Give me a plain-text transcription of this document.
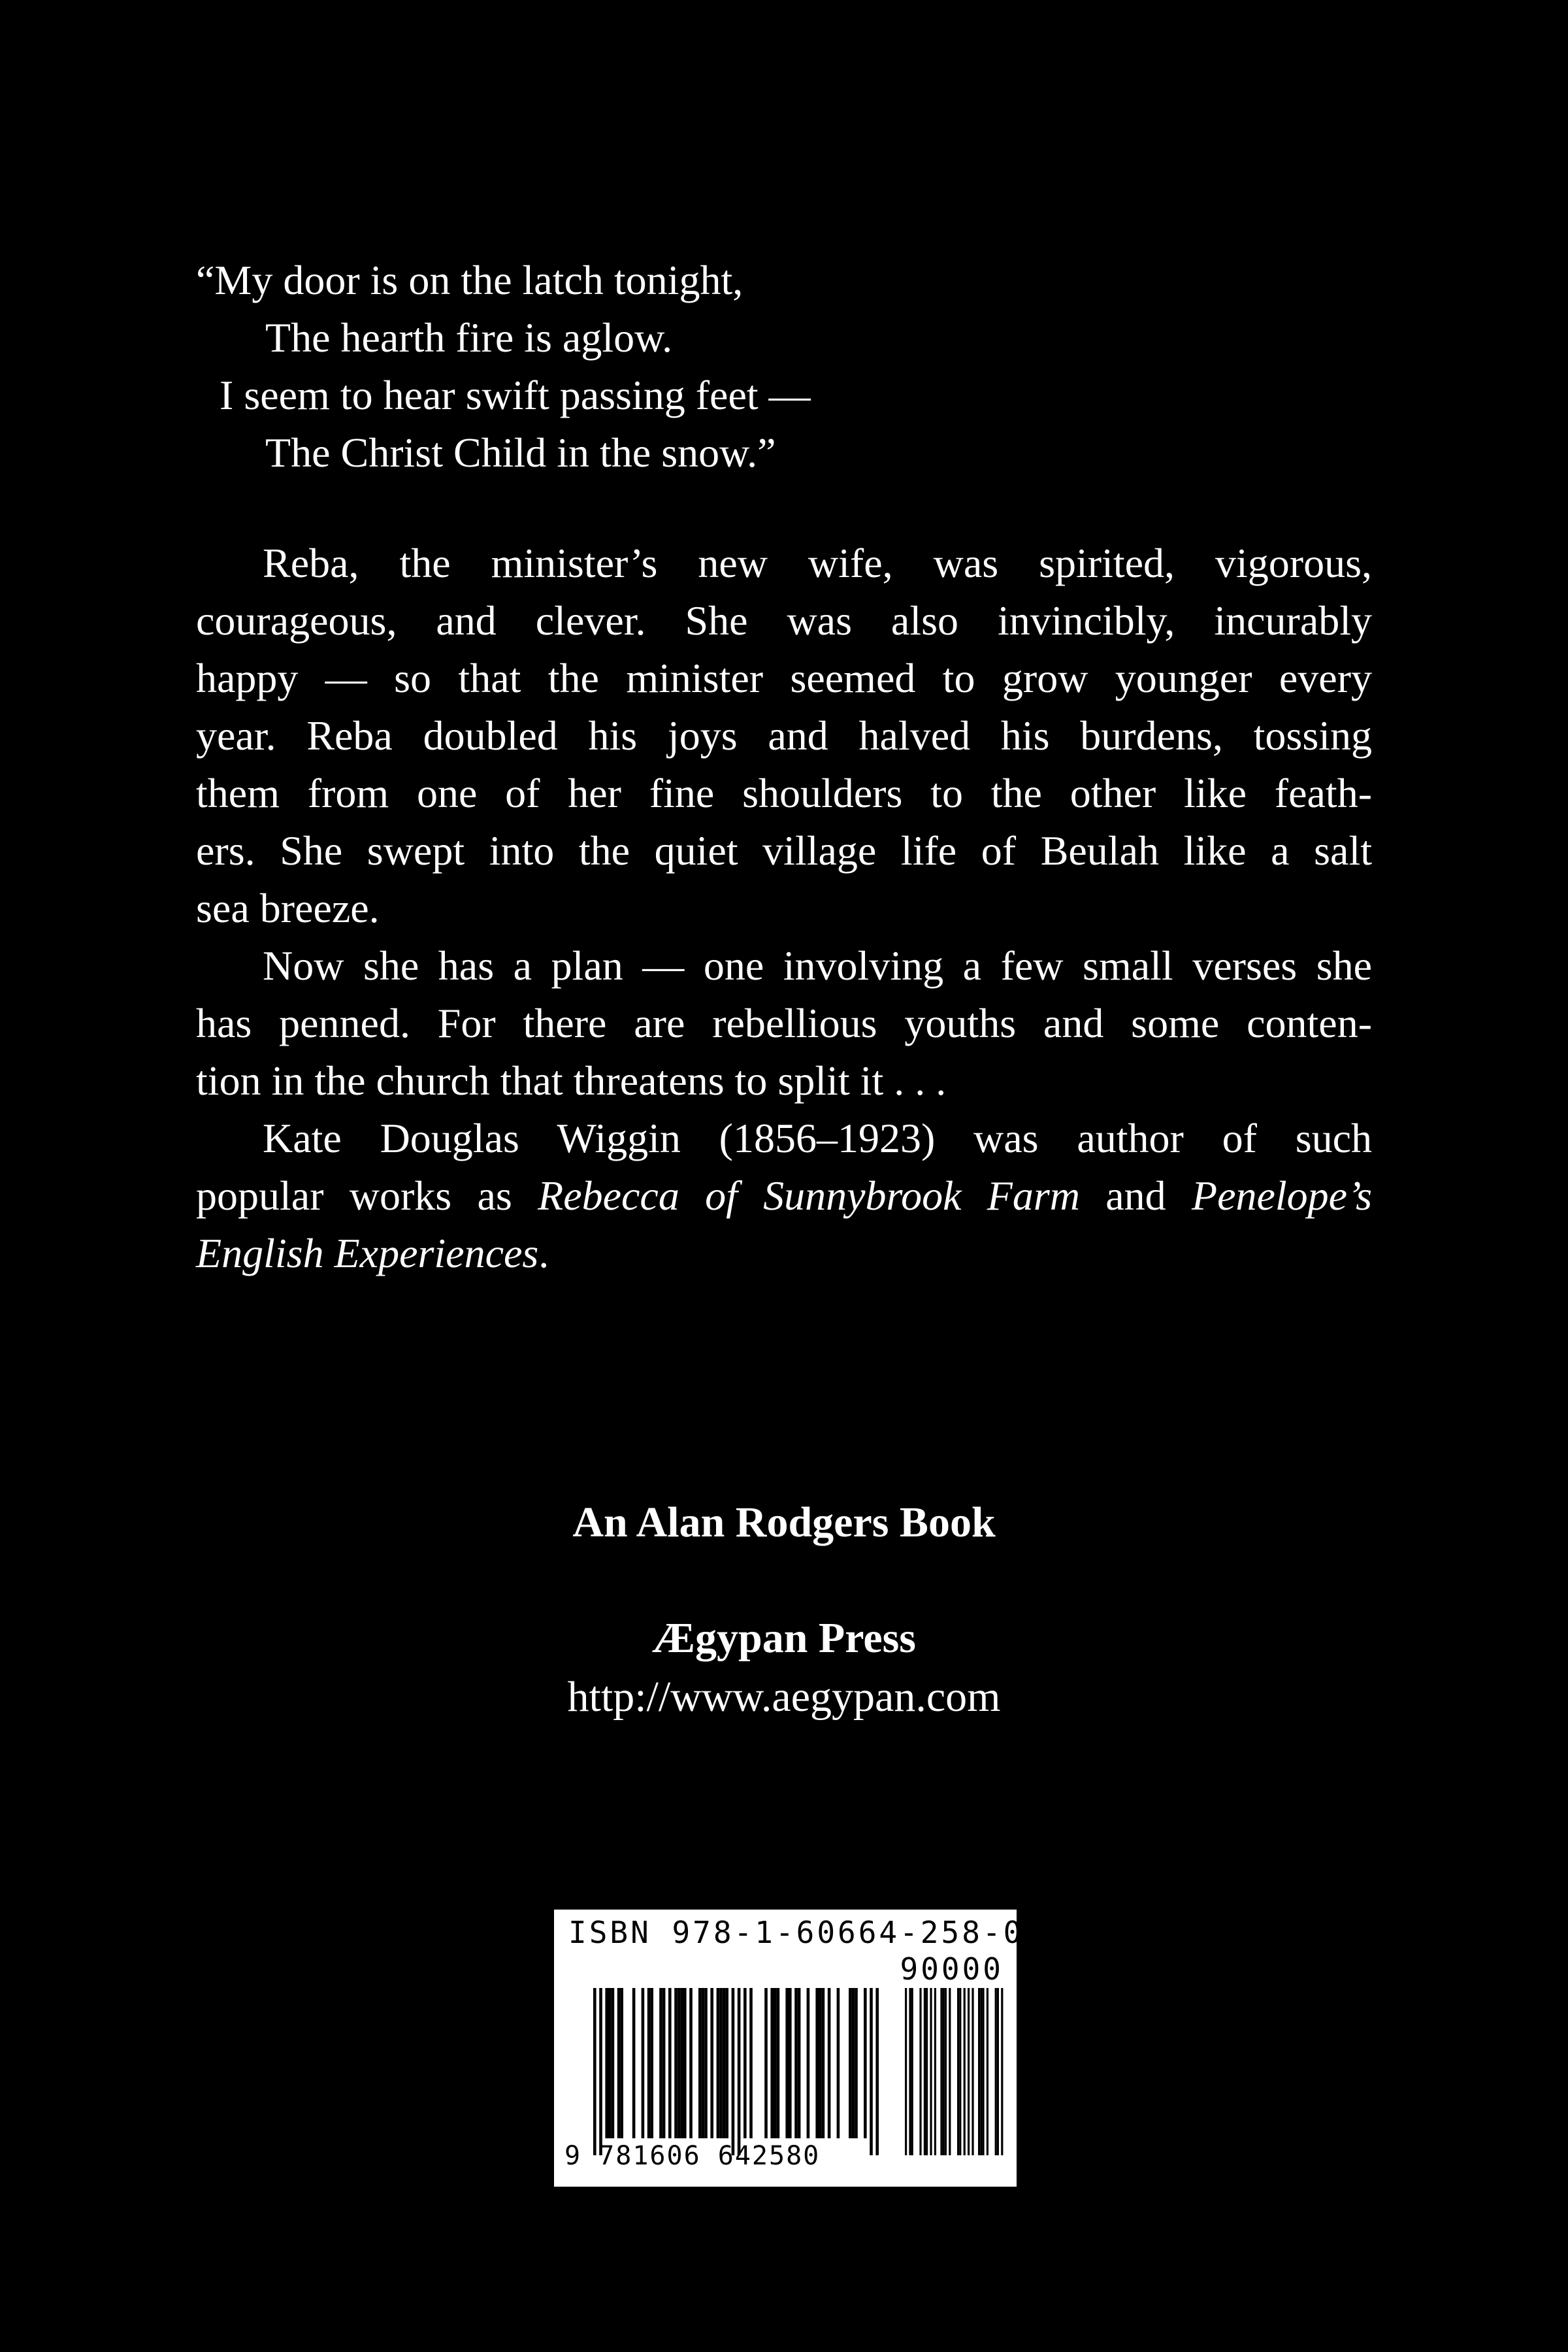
“My door is on the latch tonight,
The hearth fire is aglow.
I seem to hear swift passing feet —
The Christ Child in the snow.”
Reba, the minister’s new wife, was spirited, vigorous,
courageous, and clever. She was also invincibly, incurably
happy — so that the minister seemed to grow younger every
year. Reba doubled his joys and halved his burdens, tossing
them from one of her fine shoulders to the other like feath-
ers. She swept into the quiet village life of Beulah like a salt
sea breeze.
Now she has a plan — one involving a few small verses she
has penned. For there are rebellious youths and some conten-
tion in the church that threatens to split it . . .
Kate Douglas Wiggin (1856–1923) was author of such
popular works as Rebecca of Sunnybrook Farm and Penelope’s
English Experiences.
An Alan Rodgers Book
Ægypan Press
http://www.aegypan.com
ISBN 978-1-60664-258-0
90000
9 781606 642580
